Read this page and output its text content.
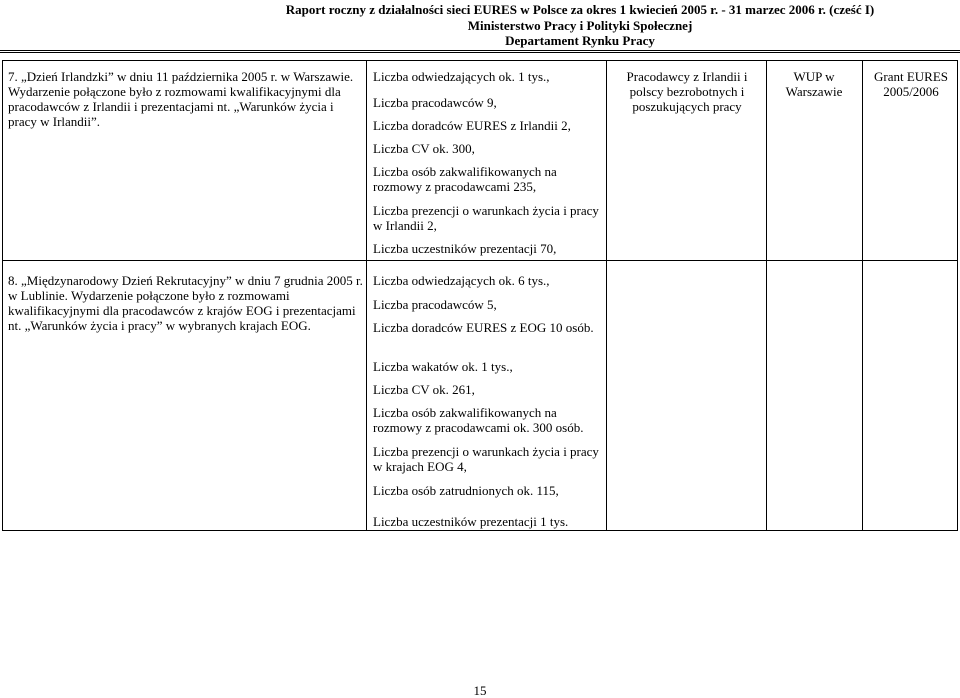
Raport roczny z działalności sieci EURES w Polsce za okres 1 kwiecień 2005 r. - 31 marzec 2006 r. (cześć I)
Ministerstwo Pracy i Polityki Społecznej
Departament Rynku Pracy
7. „Dzień Irlandzki” w dniu 11 października 2005 r. w Warszawie. Wydarzenie połączone było z rozmowami kwalifikacyjnymi dla pracodawców z Irlandii i prezentacjami nt. „Warunków życia i pracy w Irlandii”.
Liczba odwiedzających ok. 1 tys.,
Liczba pracodawców 9,
Liczba doradców EURES z Irlandii 2,
Liczba CV ok. 300,
Liczba osób zakwalifikowanych na rozmowy z pracodawcami 235,
Liczba prezencji o warunkach życia i pracy w Irlandii 2,
Liczba uczestników prezentacji 70,
Pracodawcy z Irlandii i polscy bezrobotnych i poszukujących pracy
WUP w Warszawie
Grant EURES 2005/2006
8. „Międzynarodowy Dzień Rekrutacyjny” w dniu 7 grudnia 2005 r. w Lublinie. Wydarzenie połączone było z rozmowami kwalifikacyjnymi dla pracodawców z krajów EOG i prezentacjami nt. „Warunków życia i pracy” w wybranych krajach EOG.
Liczba odwiedzających ok. 6 tys.,
Liczba pracodawców 5,
Liczba doradców EURES z EOG 10 osób.
Liczba wakatów ok. 1 tys.,
Liczba CV ok. 261,
Liczba osób zakwalifikowanych na rozmowy z pracodawcami ok. 300 osób.
Liczba prezencji o warunkach życia i pracy w krajach EOG 4,
Liczba osób zatrudnionych ok. 115,
Liczba uczestników prezentacji 1 tys.
15
